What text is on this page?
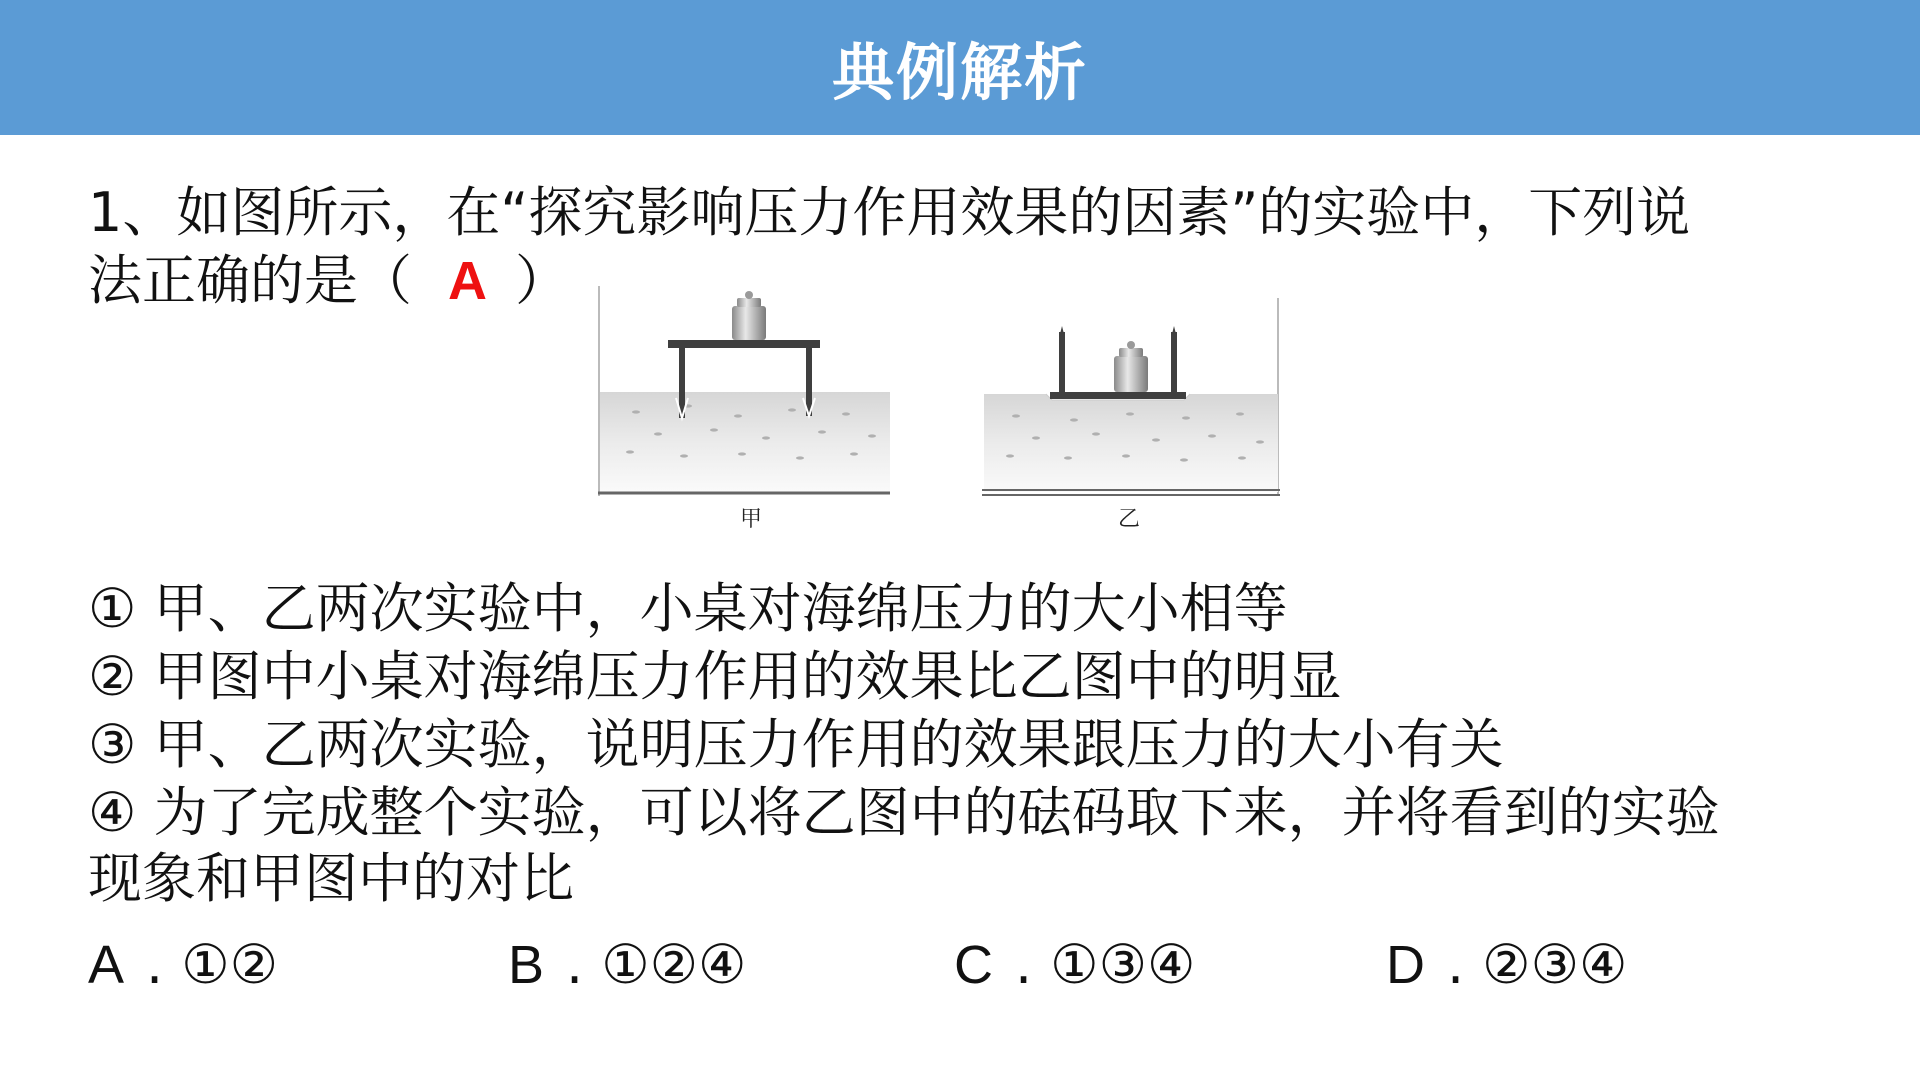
典例解析
1、如图所示，在“探究影响压力作用效果的因素”的实验中，下列说
法正确的是（ A ）
甲	乙
① 甲、乙两次实验中，小桌对海绵压力的大小相等
② 甲图中小桌对海绵压力作用的效果比乙图中的明显
③ 甲、乙两次实验，说明压力作用的效果跟压力的大小有关
④ 为了完成整个实验，可以将乙图中的砝码取下来，并将看到的实验
现象和甲图中的对比
A . ①②	B . ①②④	C . ①③④	D . ②③④
